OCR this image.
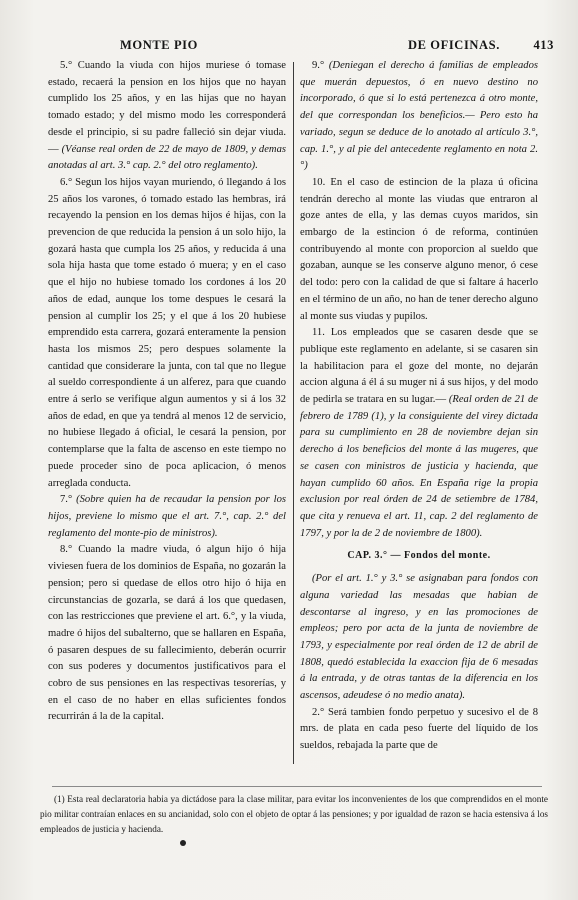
MONTE PIO	DE OFICINAS.	413

5.° Cuando la viuda con hijos muriese ó tomase estado, recaerá la pension en los hijos que no hayan cumplido los 25 años, y en las hijas que no hayan tomado estado; y del mismo modo les corresponderá desde el principio, si su padre falleció sin dejar viuda.— (Véanse real orden de 22 de mayo de 1809, y demas anotadas al art. 3.° cap. 2.° del otro reglamento).

6.° Segun los hijos vayan muriendo, ó llegando á los 25 años los varones, ó tomado estado las hembras, irá recayendo la pension en los demas hijos é hijas, con la prevencion de que reducida la pension á un solo hijo, la gozará hasta que cumpla los 25 años, y reducida á una sola hija hasta que tome estado ó muera; y en el caso que el hijo no hubiese tomado los cordones á los 20 años de edad, aunque los tome despues le cesará la pension al cumplir los 25; y el que á los 20 hubiese emprendido esta carrera, gozará enteramente la pension hasta los mismos 25; pero despues solamente la cantidad que considerare la junta, con tal que no llegue al sueldo correspondiente á un alferez, para que cuando entre á serlo se verifique algun aumentos y si á los 32 años de edad, en que ya tendrá al menos 12 de servicio, no hubiese llegado á oficial, le cesará la pension, por contemplarse que la falta de ascenso en este tiempo no puede proceder sino de poca aplicacion, ó menos arreglada conducta.

7.° (Sobre quien ha de recaudar la pension por los hijos, previene lo mismo que el art. 7.°, cap. 2.° del reglamento del monte-pio de ministros).

8.° Cuando la madre viuda, ó algun hijo ó hija viviesen fuera de los dominios de España, no gozarán la pension; pero si quedase de ellos otro hijo ó hija en circunstancias de gozarla, se dará á los que quedasen, con las restricciones que previene el art. 6.°, y la viuda, madre ó hijos del subalterno, que se hallaren en España, ó pasaren despues de su fallecimiento, deberán ocurrir con sus poderes y documentos justificativos para el cobro de sus pensiones en las respectivas tesorerías, y en el caso de no haber en ellas suficientes fondos recurrirán á la de la capital.

9.° (Deniegan el derecho á familias de empleados que muerán depuestos, ó en nuevo destino no incorporado, ó que si lo está pertenezca á otro monte, del que correspondan los beneficios.— Pero esto ha variado, segun se deduce de lo anotado al artículo 3.°, cap. 1.°, y al pie del antecedente reglamento en nota 2.°)

10. En el caso de estincion de la plaza ú oficina tendrán derecho al monte las viudas que entraron al goze antes de ella, y las demas cuyos maridos, sin embargo de la estincion ó de reforma, continúen contribuyendo al monte con proporcion al sueldo que gozaban, aunque se les conserve alguno menor, ó cese del todo: pero con la calidad de que si faltare á hacerlo en el término de un año, no han de tener derecho alguno al monte sus viudas y pupilos.

11. Los empleados que se casaren desde que se publique este reglamento en adelante, si se casaren sin la habilitacion para el goze del monte, no dejarán accion alguna á él á su muger ni á sus hijos, y del modo de pedirla se tratara en su lugar.— (Real orden de 21 de febrero de 1789 (1), y la consiguiente del virey dictada para su cumplimiento en 28 de noviembre dejan sin derecho á los beneficios del monte á las mugeres, que se casen con ministros de justicia y hacienda, que hayan cumplido 60 años. En España rige la propia exclusion por real órden de 24 de setiembre de 1784, que cita y renueva el art. 11, cap. 2 del reglamento de 1797, y por la de 2 de noviembre de 1800).

CAP. 3.° — Fondos del monte.

(Por el art. 1.° y 3.° se asignaban para fondos con alguna variedad las mesadas que habian de descontarse al ingreso, y en las promociones de empleos; pero por acta de la junta de noviembre de 1793, y especialmente por real órden de 12 de abril de 1808, quedó establecida la exaccion fija de 6 mesadas á la entrada, y de otras tantas de la diferencia en los ascensos, adeudese ó no medio anata).

2.° Será tambien fondo perpetuo y sucesivo el de 8 mrs. de plata en cada peso fuerte del líquido de los sueldos, rebajada la parte que de

(1) Esta real declaratoria habia ya dictádose para la clase militar, para evitar los inconvenientes de los que comprendidos en el monte pio militar contraían enlaces en su ancianidad, solo con el objeto de optar á las pensiones; y por igualdad de razon se hacia estensiva á los empleados de justicia y hacienda.
